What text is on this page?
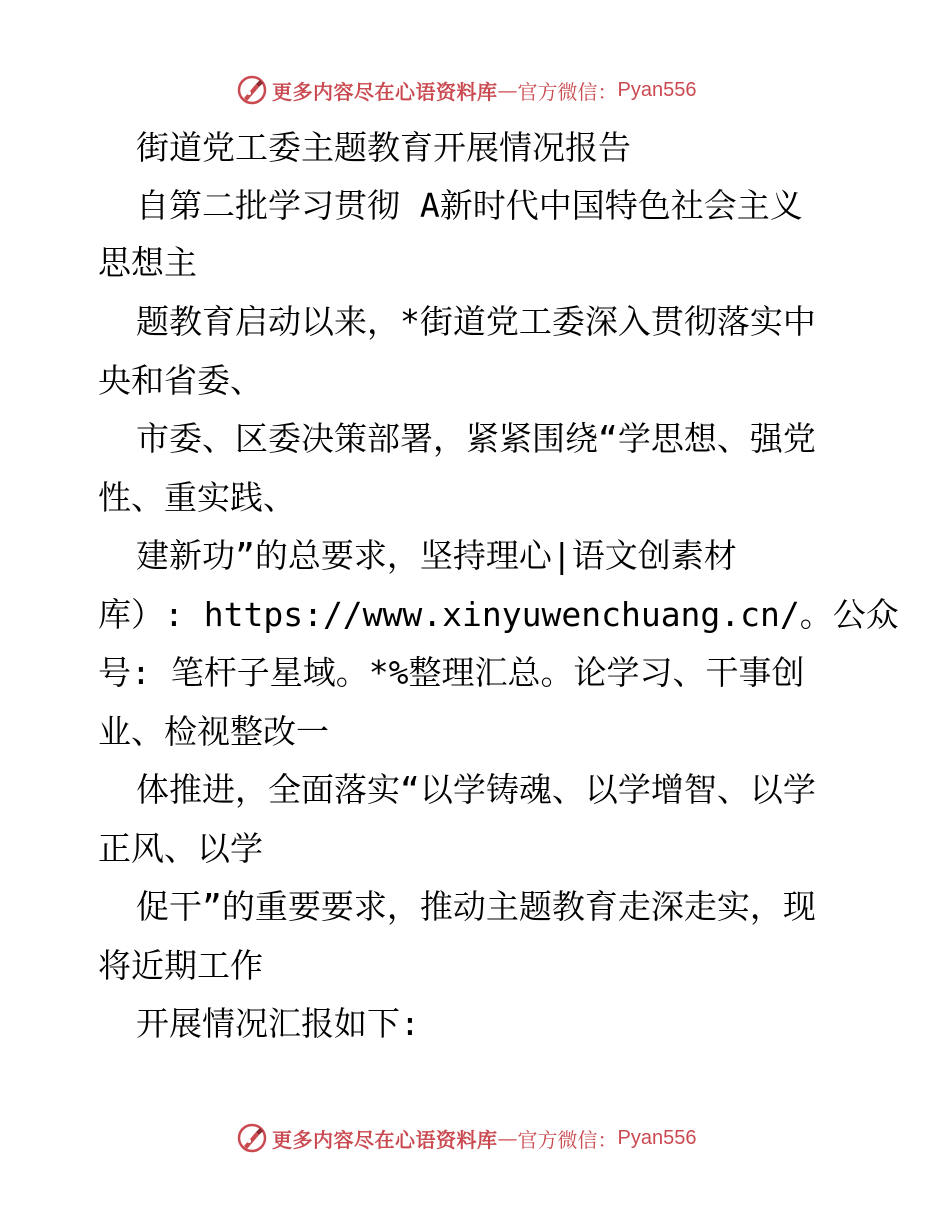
更多内容尽在心语资料库 — 官方微信： Pyan556
街道党工委主题教育开展情况报告
自第二批学习贯彻 A新时代中国特色社会主义
思想主
题教育启动以来，*街道党工委深入贯彻落实中
央和省委、
市委、区委决策部署，紧紧围绕“学思想、强党
性、重实践、
建新功”的总要求，坚持理心|语文创素材
库）: https://www.xinyuwenchuang.cn/。公众
号: 笔杆子星域。*%整理汇总。论学习、干事创
业、检视整改一
体推进，全面落实“以学铸魂、以学增智、以学
正风、以学
促干”的重要要求，推动主题教育走深走实，现
将近期工作
开展情况汇报如下:
更多内容尽在心语资料库 — 官方微信： Pyan556
